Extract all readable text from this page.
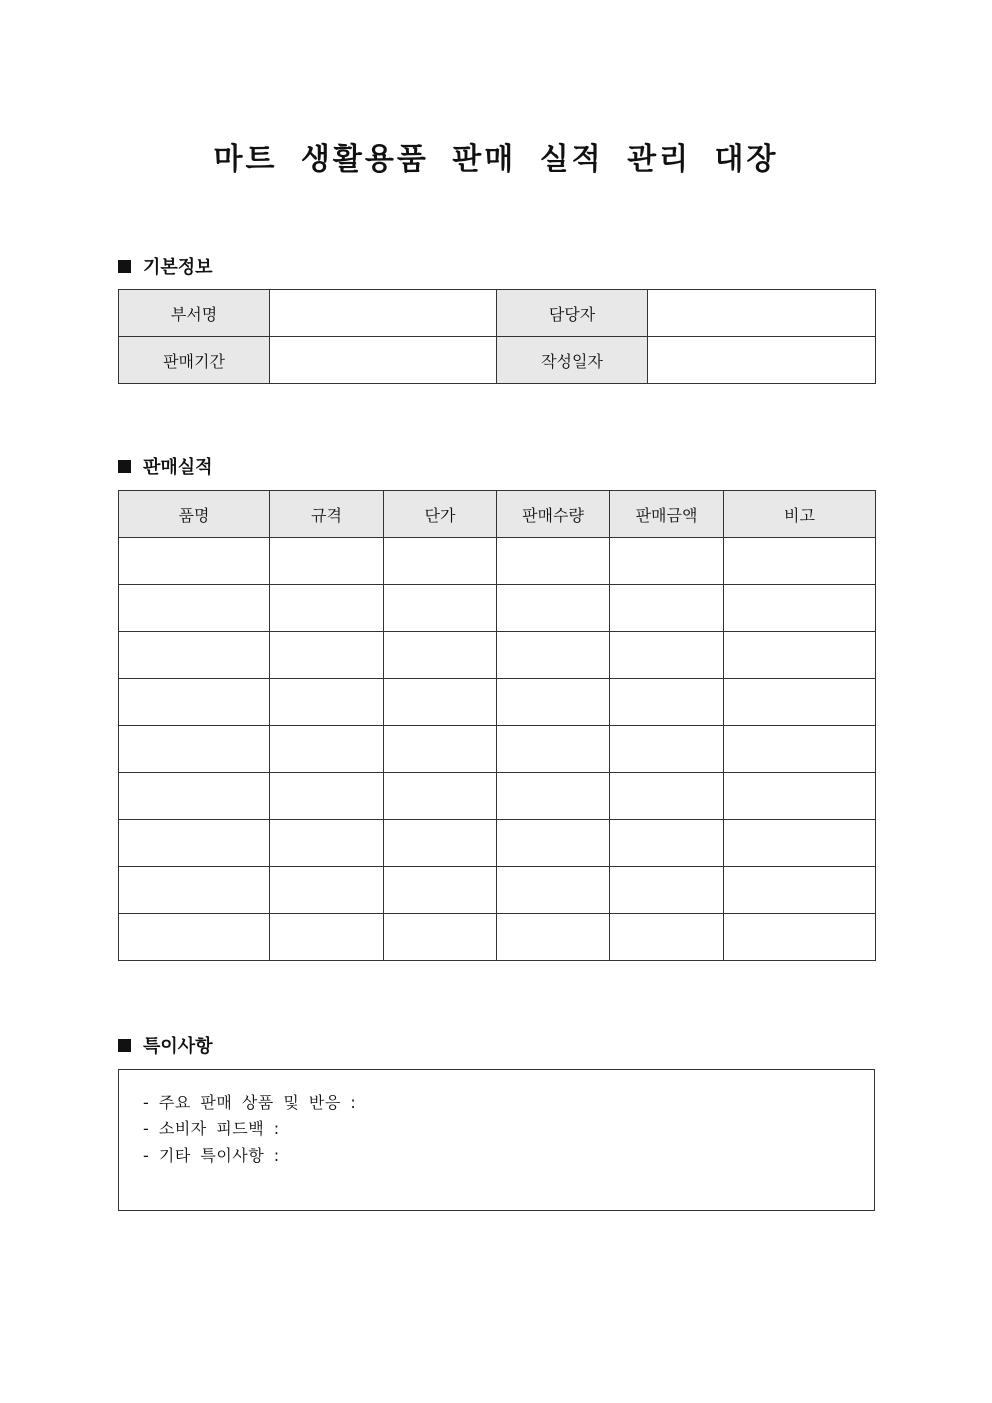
마트 생활용품 판매 실적 관리 대장
기본정보
부서명		담당자	
판매기간		작성일자	
판매실적
품명	규격	단가	판매수량	판매금액	비고

특이사항
- 주요 판매 상품 및 반응 :
- 소비자 피드백 :
- 기타 특이사항 :
